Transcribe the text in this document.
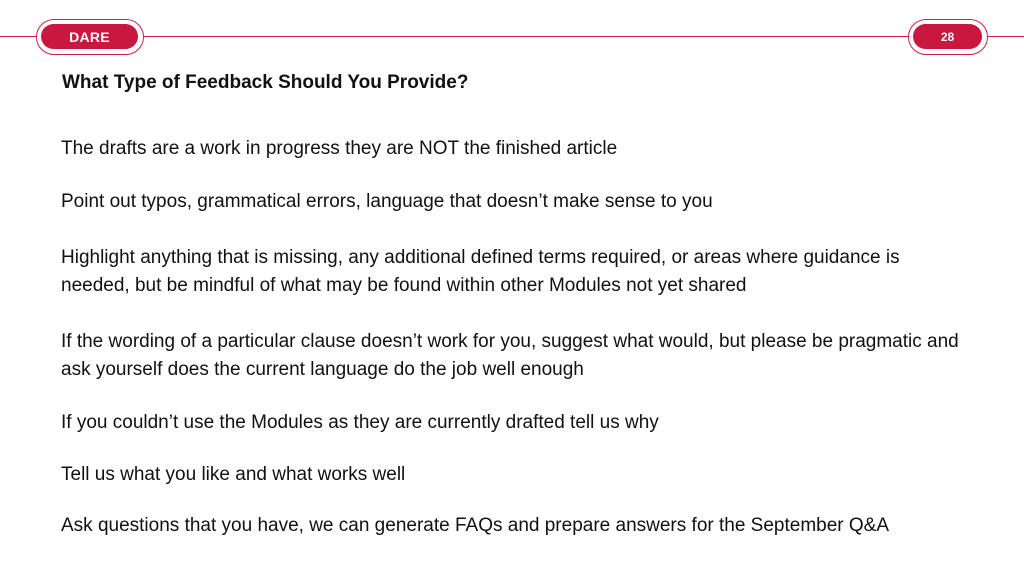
DARE	28
What Type of Feedback Should You Provide?

The drafts are a work in progress they are NOT the finished article

Point out typos, grammatical errors, language that doesn’t make sense to you

Highlight anything that is missing, any additional defined terms required, or areas where guidance is needed, but be mindful of what may be found within other Modules not yet shared

If the wording of a particular clause doesn’t work for you, suggest what would, but please be pragmatic and ask yourself does the current language do the job well enough

If you couldn’t use the Modules as they are currently drafted tell us why

Tell us what you like and what works well

Ask questions that you have, we can generate FAQs and prepare answers for the September Q&A
